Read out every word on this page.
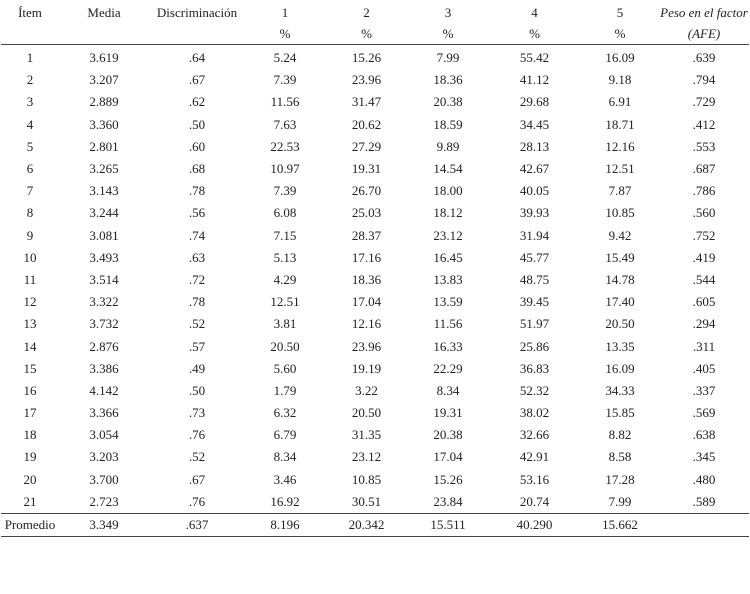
Ítem	Media	Discriminación	1	2	3	4	5	Peso en el factor
			%	%	%	%	%	(AFE)
1	3.619	.64	5.24	15.26	7.99	55.42	16.09	.639
2	3.207	.67	7.39	23.96	18.36	41.12	9.18	.794
3	2.889	.62	11.56	31.47	20.38	29.68	6.91	.729
4	3.360	.50	7.63	20.62	18.59	34.45	18.71	.412
5	2.801	.60	22.53	27.29	9.89	28.13	12.16	.553
6	3.265	.68	10.97	19.31	14.54	42.67	12.51	.687
7	3.143	.78	7.39	26.70	18.00	40.05	7.87	.786
8	3.244	.56	6.08	25.03	18.12	39.93	10.85	.560
9	3.081	.74	7.15	28.37	23.12	31.94	9.42	.752
10	3.493	.63	5.13	17.16	16.45	45.77	15.49	.419
11	3.514	.72	4.29	18.36	13.83	48.75	14.78	.544
12	3.322	.78	12.51	17.04	13.59	39.45	17.40	.605
13	3.732	.52	3.81	12.16	11.56	51.97	20.50	.294
14	2.876	.57	20.50	23.96	16.33	25.86	13.35	.311
15	3.386	.49	5.60	19.19	22.29	36.83	16.09	.405
16	4.142	.50	1.79	3.22	8.34	52.32	34.33	.337
17	3.366	.73	6.32	20.50	19.31	38.02	15.85	.569
18	3.054	.76	6.79	31.35	20.38	32.66	8.82	.638
19	3.203	.52	8.34	23.12	17.04	42.91	8.58	.345
20	3.700	.67	3.46	10.85	15.26	53.16	17.28	.480
21	2.723	.76	16.92	30.51	23.84	20.74	7.99	.589
Promedio	3.349	.637	8.196	20.342	15.511	40.290	15.662	
